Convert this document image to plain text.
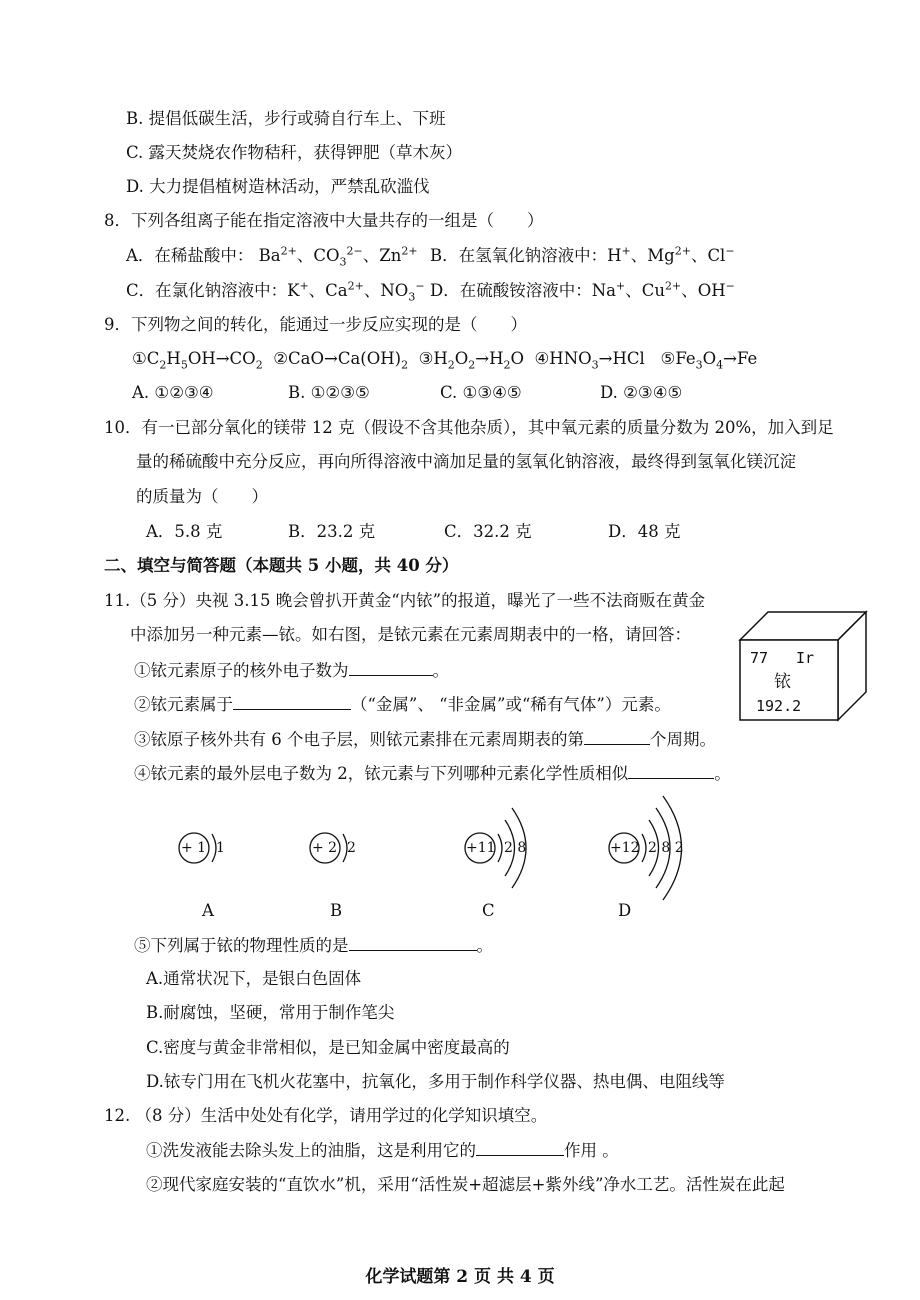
B. 提倡低碳生活，步行或骑自行车上、下班
C. 露天焚烧农作物秸秆，获得钾肥（草木灰）
D. 大力提倡植树造林活动，严禁乱砍滥伐
8．下列各组离子能在指定溶液中大量共存的一组是（　　）
A．在稀盐酸中： $Ba^{2+}$、$CO_3^{2-}$、$Zn^{2+}$ B．在氢氧化钠溶液中：H+、$Mg^{2+}$、Cl−
C．在氯化钠溶液中：K+、$Ca^{2+}$、$NO_3^-$ D．在硫酸铵溶液中：Na+、$Cu^{2+}$、OH−
9．下列物之间的转化，能通过一步反应实现的是（　　）
$①C_2H_5OH\to CO_2$  $②CaO\to Ca(OH)_2$  $③H_2O_2\to H_2O$  $④HNO_3\to HCl$   $⑤Fe_3O_4\to Fe$
A. ①②③④	B. ①②③⑤	C. ①③④⑤	D. ②③④⑤
10．有一已部分氧化的镁带 12 克（假设不含其他杂质），其中氧元素的质量分数为 20%，加入到足
量的稀硫酸中充分反应，再向所得溶液中滴加足量的氢氧化钠溶液，最终得到氢氧化镁沉淀
的质量为（　　）
A．5.8 克	B．23.2 克	C．32.2 克	D．48 克
二、填空与简答题（本题共 5 小题，共 40 分）
11.（5 分）央视 3.15 晚会曾扒开黄金“内铱”的报道，曝光了一些不法商贩在黄金
中添加另一种元素—铱。如右图，是铱元素在元素周期表中的一格，请回答：
①铱元素原子的核外电子数为	。
②铱元素属于	（“金属”、 “非金属”或“稀有气体”）元素。
③铱原子核外共有 6 个电子层，则铱元素排在元素周期表的第	个周期。
④铱元素的最外层电子数为 2，铱元素与下列哪种元素化学性质相似	。
77 Ir
铱
192.2
+ 1 1	+ 2 2	+11 2 8	+12 2 8 2
A	B	C	D
⑤下列属于铱的物理性质的是	。
A.通常状况下，是银白色固体
B.耐腐蚀，坚硬，常用于制作笔尖
C.密度与黄金非常相似，是已知金属中密度最高的
D.铱专门用在飞机火花塞中，抗氧化，多用于制作科学仪器、热电偶、电阻线等
12. （8 分）生活中处处有化学，请用学过的化学知识填空。
①洗发液能去除头发上的油脂，这是利用它的	作用 。
②现代家庭安装的“直饮水”机，采用“活性炭+超滤层+紫外线”净水工艺。活性炭在此起
化学试题第 2 页 共 4 页
